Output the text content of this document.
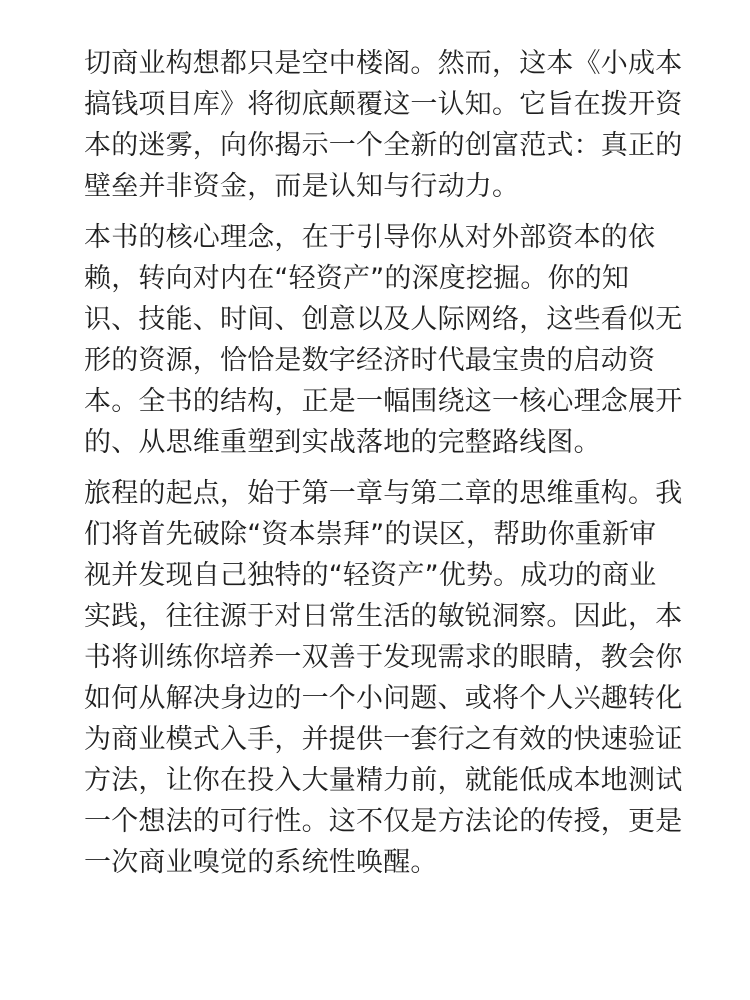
切商业构想都只是空中楼阁。然而，这本《小成本
搞钱项目库》将彻底颠覆这一认知。它旨在拨开资
本的迷雾，向你揭示一个全新的创富范式：真正的
壁垒并非资金，而是认知与行动力。
本书的核心理念，在于引导你从对外部资本的依
赖，转向对内在“轻资产”的深度挖掘。你的知
识、技能、时间、创意以及人际网络，这些看似无
形的资源，恰恰是数字经济时代最宝贵的启动资
本。全书的结构，正是一幅围绕这一核心理念展开
的、从思维重塑到实战落地的完整路线图。
旅程的起点，始于第一章与第二章的思维重构。我
们将首先破除“资本崇拜”的误区，帮助你重新审
视并发现自己独特的“轻资产”优势。成功的商业
实践，往往源于对日常生活的敏锐洞察。因此，本
书将训练你培养一双善于发现需求的眼睛，教会你
如何从解决身边的一个小问题、或将个人兴趣转化
为商业模式入手，并提供一套行之有效的快速验证
方法，让你在投入大量精力前，就能低成本地测试
一个想法的可行性。这不仅是方法论的传授，更是
一次商业嗅觉的系统性唤醒。
